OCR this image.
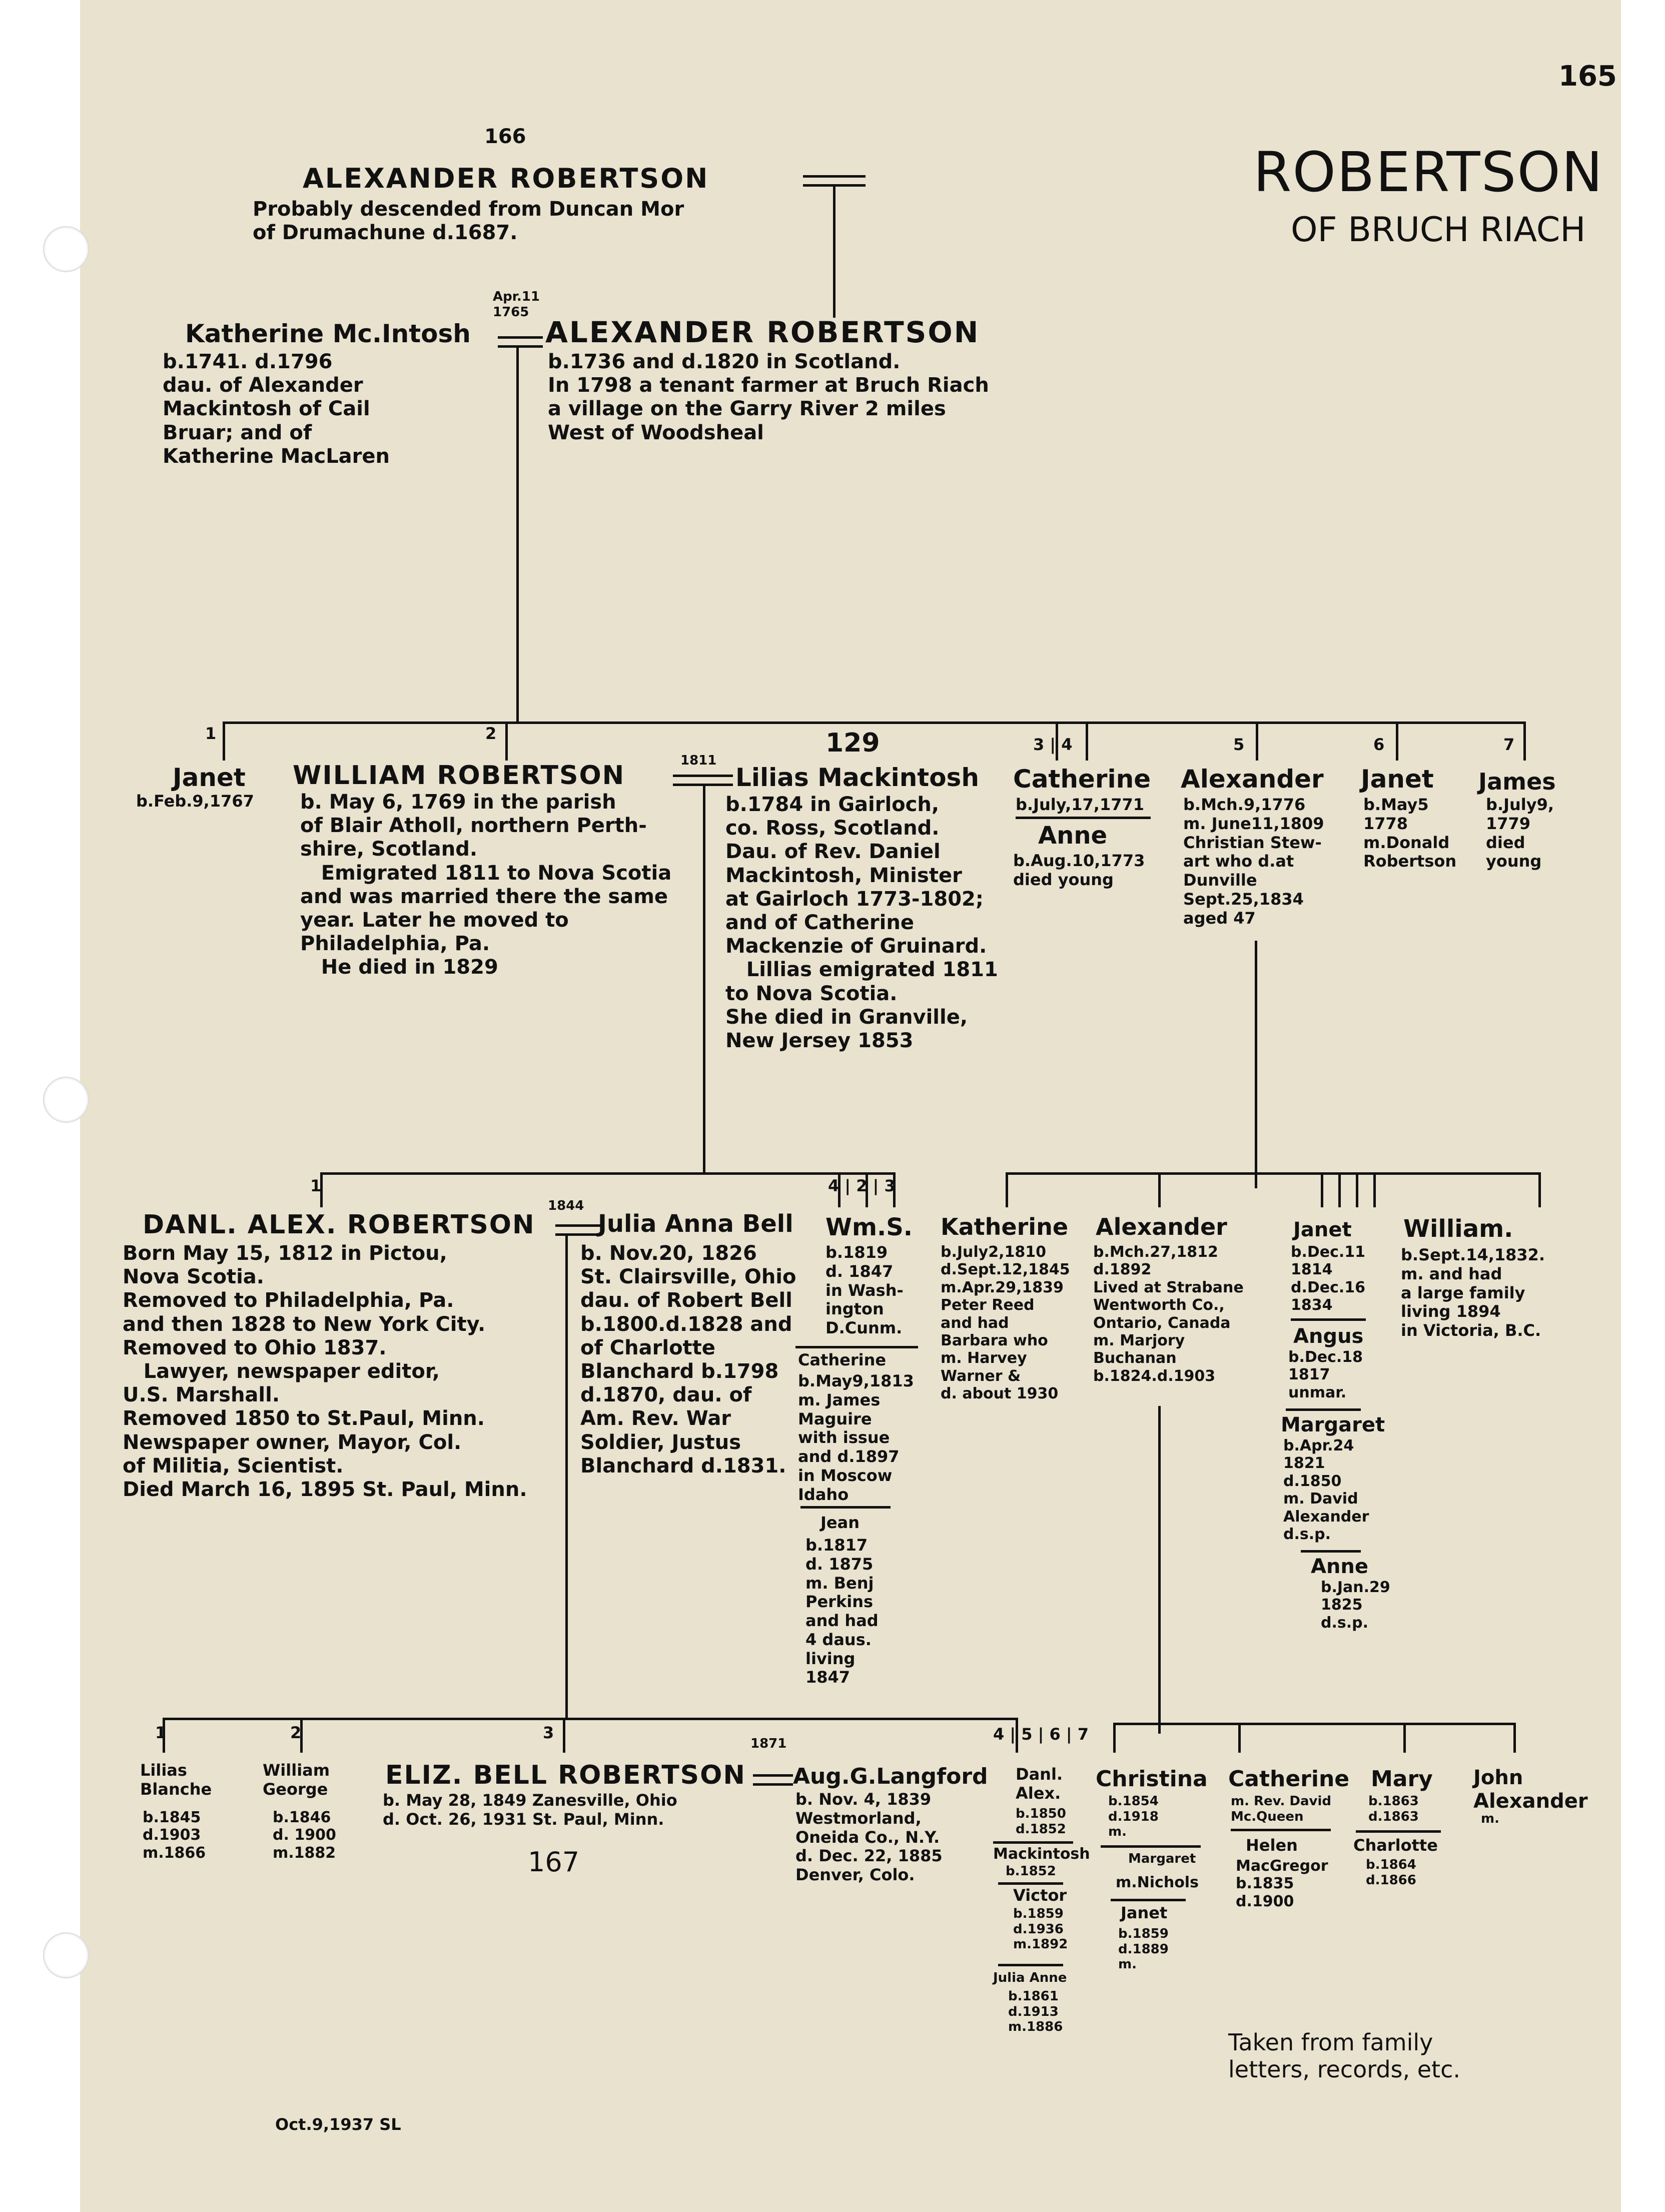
165
ROBERTSON
OF BRUCH RIACH
166
ALEXANDER ROBERTSON
Probably descended from Duncan Mor
of Drumachune d.1687.
Apr.11
1765
Katherine Mc.Intosh	ALEXANDER ROBERTSON
b.1741. d.1796
dau. of Alexander
Mackintosh of Cail
Bruar; and of
Katherine MacLaren
b.1736 and d.1820 in Scotland.
In 1798 a tenant farmer at Bruch Riach
a village on the Garry River 2 miles
West of Woodsheal
1	2	129	3 | 4	5	6	7
Janet
b.Feb.9,1767
WILLIAM ROBERTSON	1811
b. May 6, 1769 in the parish
of Blair Atholl, northern Perth-
shire, Scotland.
Emigrated 1811 to Nova Scotia
and was married there the same
year. Later he moved to
Philadelphia, Pa.
He died in 1829
Lilias Mackintosh
b.1784 in Gairloch,
co. Ross, Scotland.
Dau. of Rev. Daniel
Mackintosh, Minister
at Gairloch 1773-1802;
and of Catherine
Mackenzie of Gruinard.
Lillias emigrated 1811
to Nova Scotia.
She died in Granville,
New Jersey 1853
Catherine
b.July,17,1771
Anne
b.Aug.10,1773
died young
Alexander
b.Mch.9,1776
m. June11,1809
Christian Stew-
art who d.at
Dunville
Sept.25,1834
aged 47
Janet
b.May5
1778
m.Donald
Robertson
James
b.July9,
1779
died
young
1	4 | 2 | 3
DANL. ALEX. ROBERTSON
1844
Julia Anna Bell
Born May 15, 1812 in Pictou,
Nova Scotia.
Removed to Philadelphia, Pa.
and then 1828 to New York City.
Removed to Ohio 1837.
Lawyer, newspaper editor,
U.S. Marshall.
Removed 1850 to St.Paul, Minn.
Newspaper owner, Mayor, Col.
of Militia, Scientist.
Died March 16, 1895 St. Paul, Minn.
b. Nov.20, 1826
St. Clairsville, Ohio
dau. of Robert Bell
b.1800.d.1828 and
of Charlotte
Blanchard b.1798
d.1870, dau. of
Am. Rev. War
Soldier, Justus
Blanchard d.1831.
Wm.S.
b.1819
d. 1847
in Wash-
ington
D.Cunm.
Catherine
b.May9,1813
m. James
Maguire
with issue
and d.1897
in Moscow
Idaho
Jean
b.1817
d. 1875
m. Benj
Perkins
and had
4 daus.
living
1847
Katherine
b.July2,1810
d.Sept.12,1845
m.Apr.29,1839
Peter Reed
and had
Barbara who
m. Harvey
Warner &
d. about 1930
Alexander
b.Mch.27,1812
d.1892
Lived at Strabane
Wentworth Co.,
Ontario, Canada
m. Marjory
Buchanan
b.1824.d.1903
Janet
b.Dec.11
1814
d.Dec.16
1834
Angus
b.Dec.18
1817
unmar.
Margaret
b.Apr.24
1821
d.1850
m. David
Alexander
d.s.p.
Anne
b.Jan.29
1825
d.s.p.
William.
b.Sept.14,1832.
m. and had
a large family
living 1894
in Victoria, B.C.
1	2	3	4 | 5 | 6 | 7
Lilias
Blanche
b.1845
d.1903
m.1866
William
George
b.1846
d. 1900
m.1882
ELIZ. BELL ROBERTSON
1871
Aug.G.Langford
b. May 28, 1849 Zanesville, Ohio
d. Oct. 26, 1931 St. Paul, Minn.
167
b. Nov. 4, 1839
Westmorland,
Oneida Co., N.Y.
d. Dec. 22, 1885
Denver, Colo.
Danl.
Alex.
b.1850
d.1852
Mackintosh
b.1852
Victor
b.1859
d.1936
m.1892
Julia Anne
b.1861
d.1913
m.1886
Christina
b.1854
d.1918
m.
Margaret
m.Nichols
Janet
b.1859
d.1889
m.
Catherine
m. Rev. David
Mc.Queen
Helen
MacGregor
b.1835
d.1900
Mary
b.1863
d.1863
Charlotte
b.1864
d.1866
John
Alexander
m.
Taken from family
letters, records, etc.
Oct.9,1937 SL
